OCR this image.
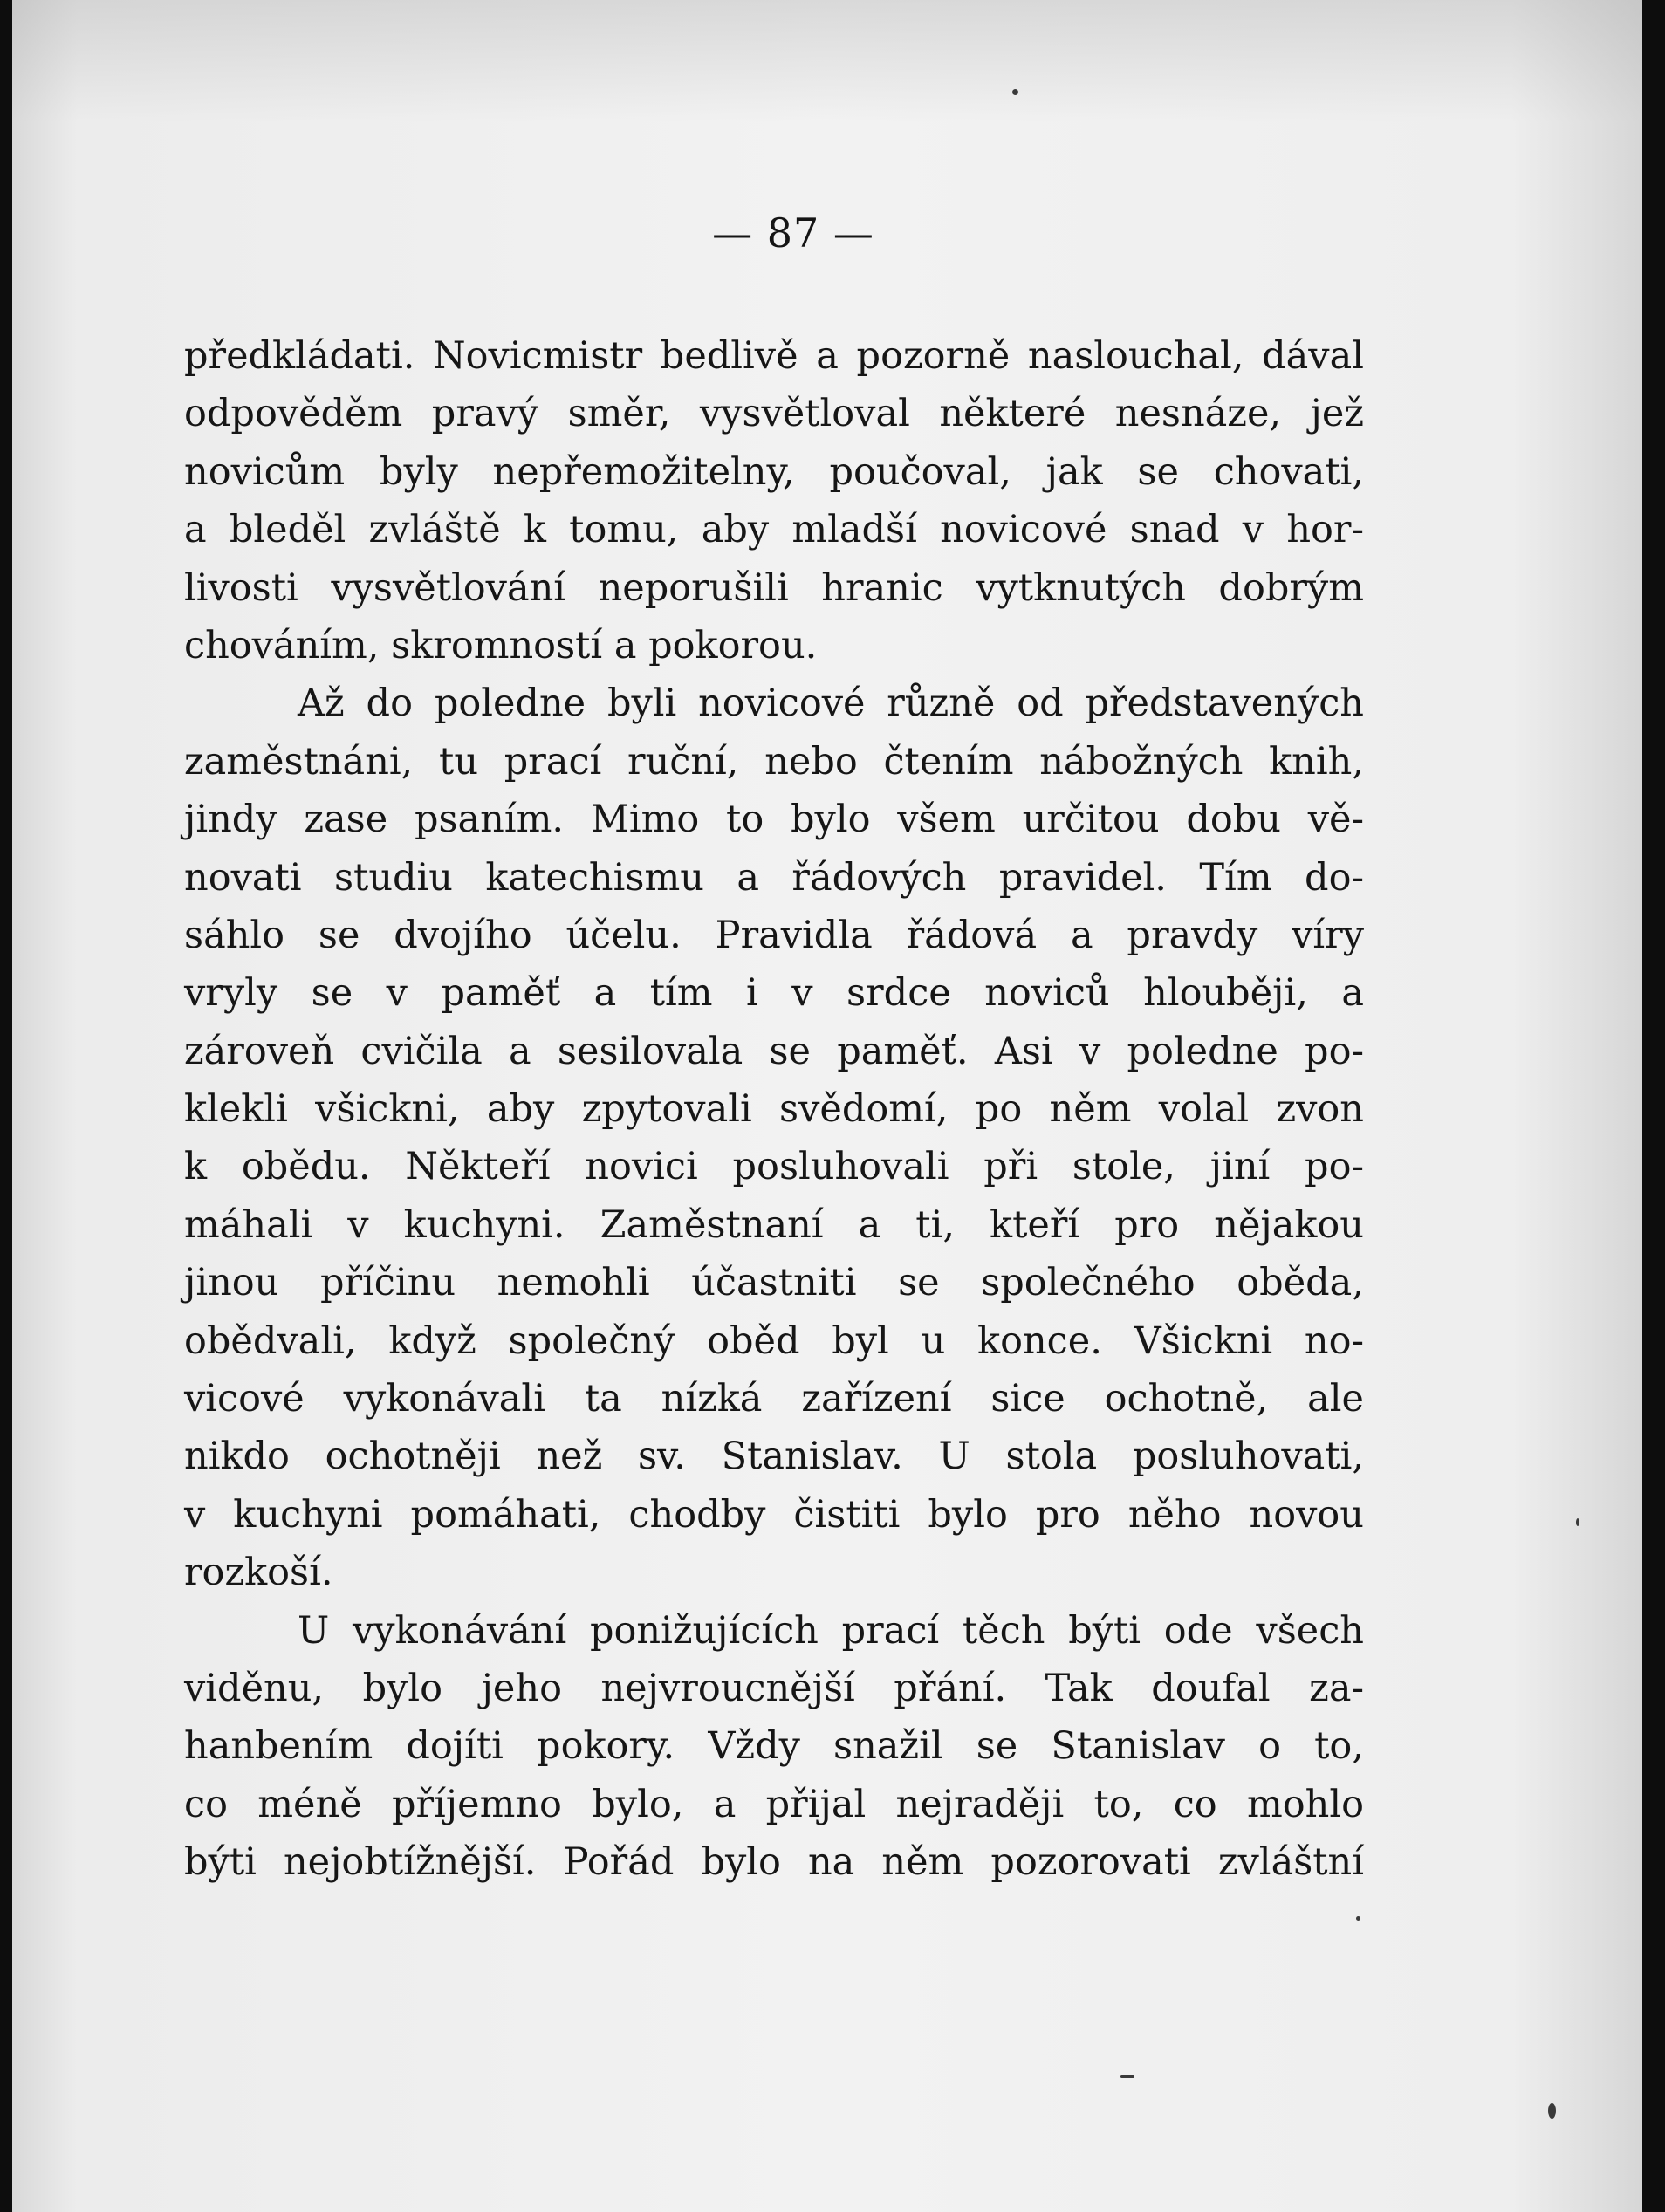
— 87 —
předkládati. Novicmistr bedlivě a pozorně naslouchal, dával
odpověděm pravý směr, vysvětloval některé nesnáze, jež
novicům byly nepřemožitelny, poučoval, jak se chovati,
a bleděl zvláště k tomu, aby mladší novicové snad v hor-
livosti vysvětlování neporušili hranic vytknutých dobrým
chováním, skromností a pokorou.
Až do poledne byli novicové různě od představených
zaměstnáni, tu prací ruční, nebo čtením nábožných knih,
jindy zase psaním. Mimo to bylo všem určitou dobu vě-
novati studiu katechismu a řádových pravidel. Tím do-
sáhlo se dvojího účelu. Pravidla řádová a pravdy víry
vryly se v paměť a tím i v srdce noviců hlouběji, a
zároveň cvičila a sesilovala se paměť. Asi v poledne po-
klekli všickni, aby zpytovali svědomí, po něm volal zvon
k obědu. Někteří novici posluhovali při stole, jiní po-
máhali v kuchyni. Zaměstnaní a ti, kteří pro nějakou
jinou příčinu nemohli účastniti se společného oběda,
obědvali, když společný oběd byl u konce. Všickni no-
vicové vykonávali ta nízká zařízení sice ochotně, ale
nikdo ochotněji než sv. Stanislav. U stola posluhovati,
v kuchyni pomáhati, chodby čistiti bylo pro něho novou
rozkoší.
U vykonávání ponižujících prací těch býti ode všech
viděnu, bylo jeho nejvroucnější přání. Tak doufal za-
hanbením dojíti pokory. Vždy snažil se Stanislav o to,
co méně příjemno bylo, a přijal nejraději to, co mohlo
býti nejobtížnější. Pořád bylo na něm pozorovati zvláštní
